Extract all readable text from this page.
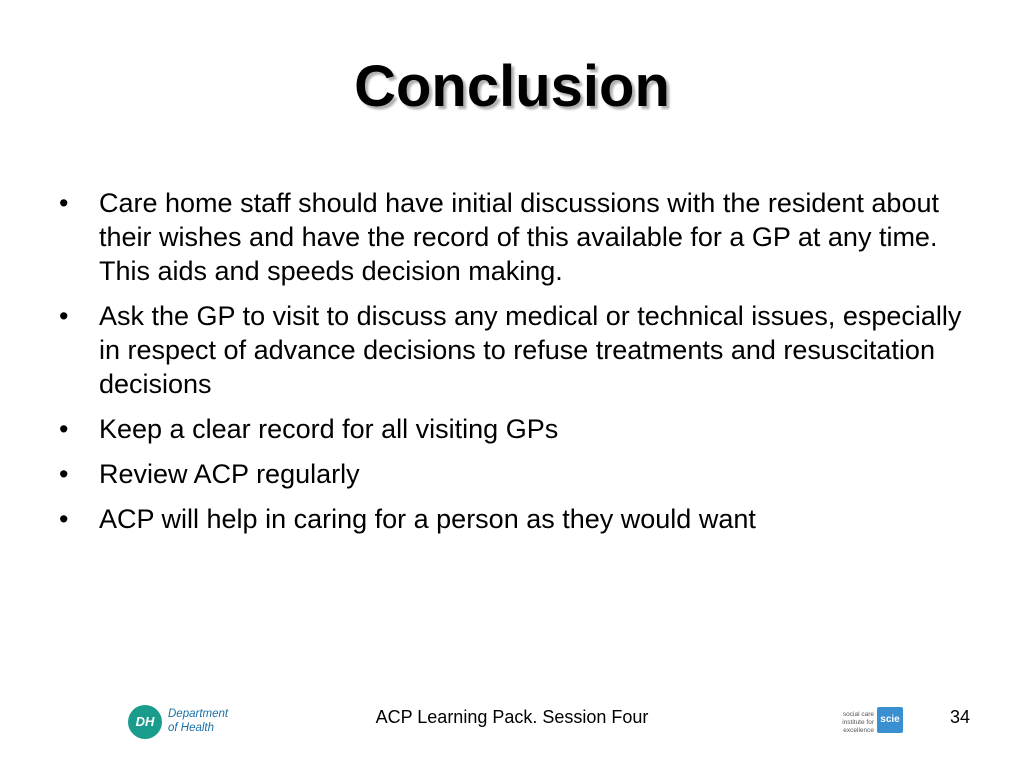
Conclusion
• Care home staff should have initial discussions with the resident about their wishes and have the record of this available for a GP at any time. This aids and speeds decision making.
• Ask the GP to visit to discuss any medical or technical issues, especially in respect of advance decisions to refuse treatments and resuscitation decisions
• Keep a clear record for all visiting GPs
• Review ACP regularly
• ACP will help in caring for a person as they would want
DH	Department
of Health
ACP Learning Pack. Session Four	social care
institute for excellence
scie	34
